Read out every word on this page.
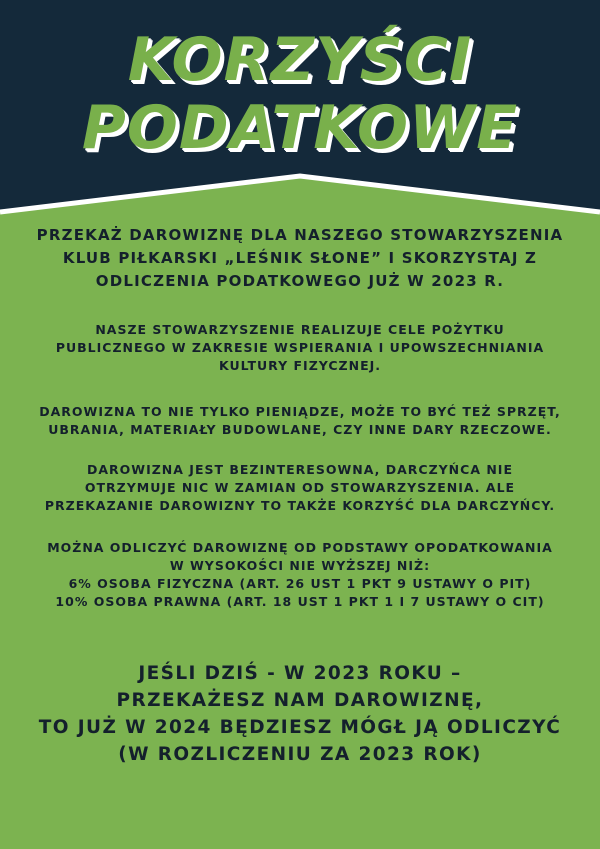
KORZYŚCI
PODATKOWE

PRZEKAŻ DAROWIZNĘ DLA NASZEGO STOWARZYSZENIA

KLUB PIŁKARSKI „LEŚNIK SŁONE” I SKORZYSTAJ Z

ODLICZENIA PODATKOWEGO JUŻ W 2023 R.

NASZE STOWARZYSZENIE REALIZUJE CELE POŻYTKU

PUBLICZNEGO W ZAKRESIE WSPIERANIA I UPOWSZECHNIANIA

KULTURY FIZYCZNEJ.

DAROWIZNA TO NIE TYLKO PIENIĄDZE, MOŻE TO BYĆ TEŻ SPRZĘT,

UBRANIA, MATERIAŁY BUDOWLANE, CZY INNE DARY RZECZOWE.

DAROWIZNA JEST BEZINTERESOWNA, DARCZYŃCA NIE

OTRZYMUJE NIC W ZAMIAN OD STOWARZYSZENIA. ALE

PRZEKAZANIE DAROWIZNY TO TAKŻE KORZYŚĆ DLA DARCZYŃCY.

MOŻNA ODLICZYĆ DAROWIZNĘ OD PODSTAWY OPODATKOWANIA

W WYSOKOŚCI NIE WYŻSZEJ NIŻ:

6% OSOBA FIZYCZNA (ART. 26 UST 1 PKT 9 USTAWY O PIT)

10% OSOBA PRAWNA (ART. 18 UST 1 PKT 1 I 7 USTAWY O CIT)

JEŚLI DZIŚ - W 2023 ROKU –

PRZEKAŻESZ NAM DAROWIZNĘ,

TO JUŻ W 2024 BĘDZIESZ MÓGŁ JĄ ODLICZYĆ

(W ROZLICZENIU ZA 2023 ROK)
